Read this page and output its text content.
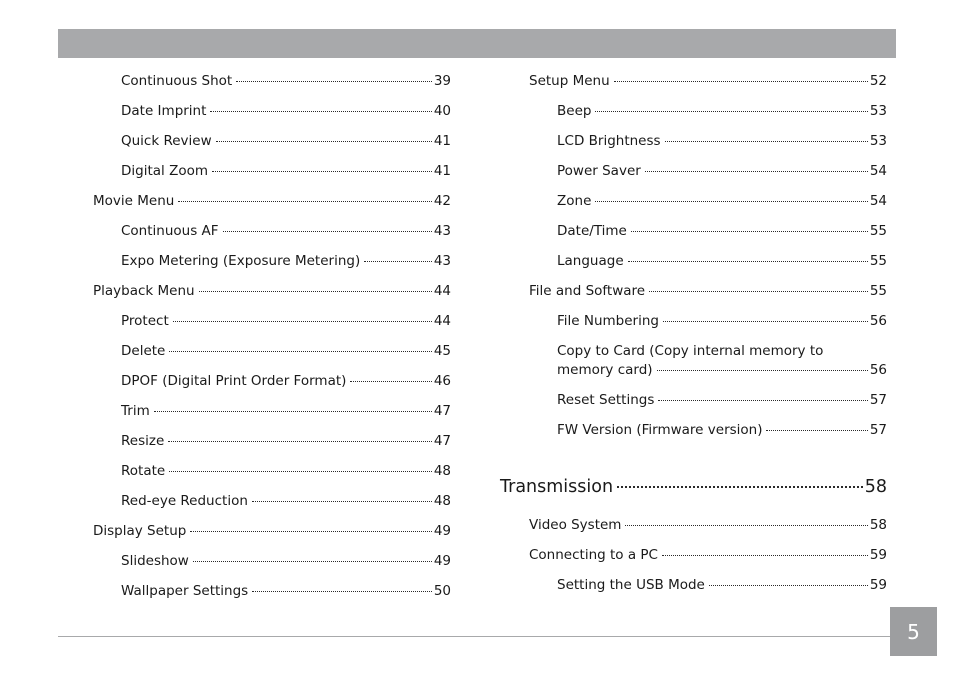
Continuous Shot	39
Date Imprint	40
Quick Review	41
Digital Zoom	41
Movie Menu	42
Continuous AF	43
Expo Metering (Exposure Metering)	43
Playback Menu	44
Protect	44
Delete	45
DPOF (Digital Print Order Format)	46
Trim	47
Resize	47
Rotate	48
Red-eye Reduction	48
Display Setup	49
Slideshow	49
Wallpaper Settings	50
Setup Menu	52
Beep	53
LCD Brightness	53
Power Saver	54
Zone	54
Date/Time	55
Language	55
File and Software	55
File Numbering	56
Copy to Card (Copy internal memory to
memory card)	56
Reset Settings	57
FW Version (Firmware version)	57
Transmission	58
Video System	58
Connecting to a PC	59
Setting the USB Mode	59
5
